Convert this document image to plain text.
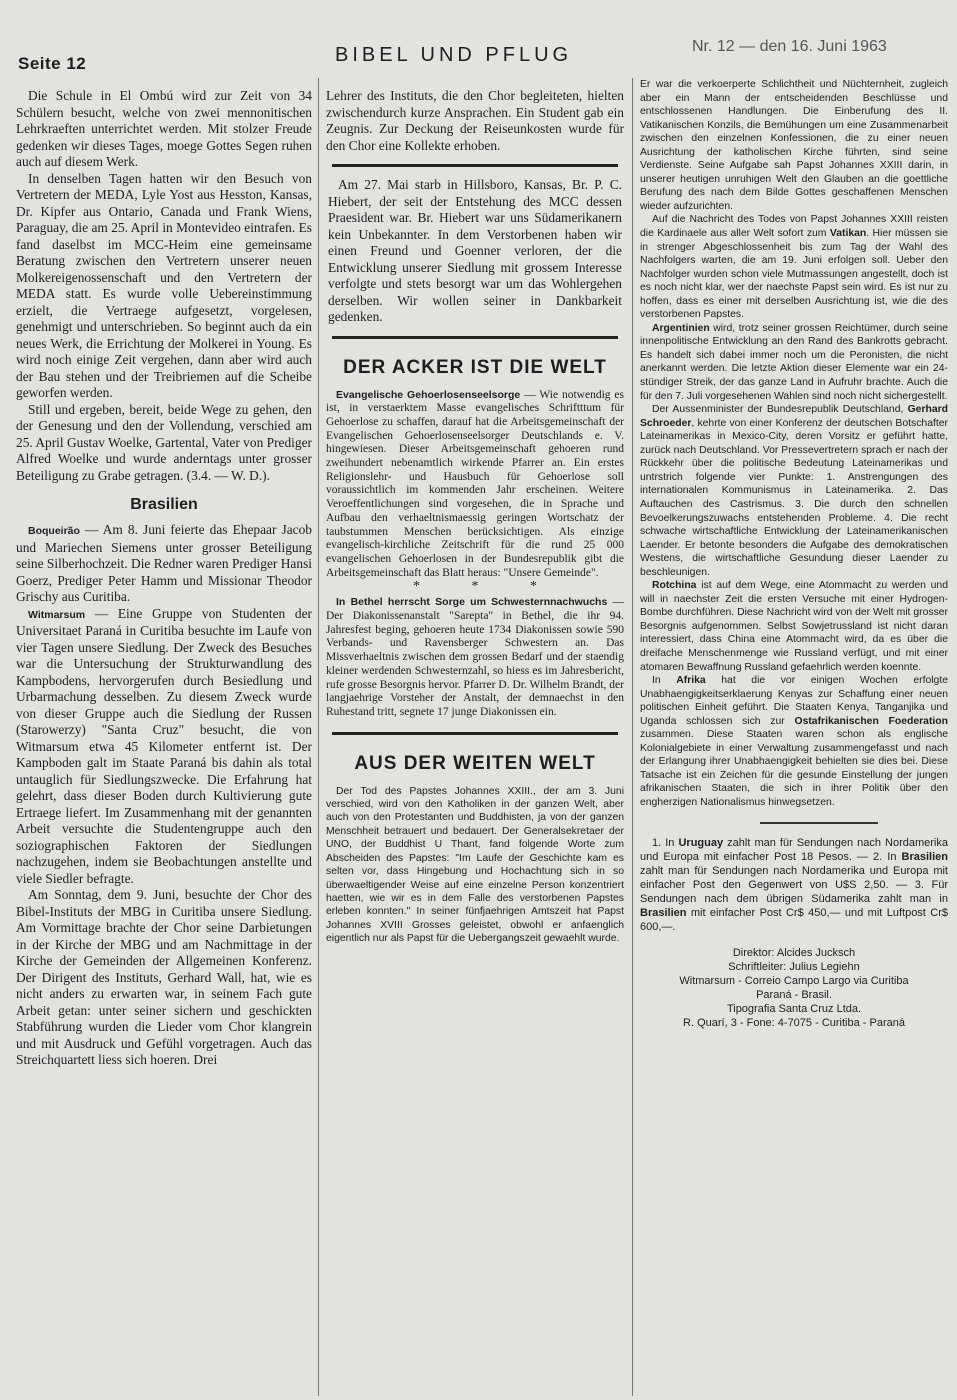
Seite 12	BIBEL UND PFLUG	Nr. 12 — den 16. Juni 1963

Die Schule in El Ombú wird zur Zeit von 34 Schülern besucht, welche von zwei mennonitischen Lehrkraeften unterrichtet werden. Mit stolzer Freude gedenken wir dieses Tages, moege Gottes Segen ruhen auch auf diesem Werk.

In denselben Tagen hatten wir den Besuch von Vertretern der MEDA, Lyle Yost aus Hesston, Kansas, Dr. Kipfer aus Ontario, Canada und Frank Wiens, Paraguay, die am 25. April in Montevideo eintrafen. Es fand daselbst im MCC-Heim eine gemeinsame Beratung zwischen den Vertretern unserer neuen Molkereigenossenschaft und den Vertretern der MEDA statt. Es wurde volle Uebereinstimmung erzielt, die Vertraege aufgesetzt, vorgelesen, genehmigt und unterschrieben. So beginnt auch da ein neues Werk, die Errichtung der Molkerei in Young. Es wird noch einige Zeit vergehen, dann aber wird auch der Bau stehen und der Treibriemen auf die Scheibe geworfen werden.

Still und ergeben, bereit, beide Wege zu gehen, den der Genesung und den der Vollendung, verschied am 25. April Gustav Woelke, Gartental, Vater von Prediger Alfred Woelke und wurde anderntags unter grosser Beteiligung zu Grabe getragen. (3.4. — W. D.).

Brasilien

Boqueirão — Am 8. Juni feierte das Ehepaar Jacob und Mariechen Siemens unter grosser Beteiligung seine Silberhochzeit. Die Redner waren Prediger Hansi Goerz, Prediger Peter Hamm und Missionar Theodor Grischy aus Curitiba.

Witmarsum — Eine Gruppe von Studenten der Universitaet Paraná in Curitiba besuchte im Laufe von vier Tagen unsere Siedlung. Der Zweck des Besuches war die Untersuchung der Strukturwandlung des Kampbodens, hervorgerufen durch Besiedlung und Urbarmachung desselben. Zu diesem Zweck wurde von dieser Gruppe auch die Siedlung der Russen (Starowerzy) "Santa Cruz" besucht, die von Witmarsum etwa 45 Kilometer entfernt ist. Der Kampboden galt im Staate Paraná bis dahin als total untauglich für Siedlungszwecke. Die Erfahrung hat gelehrt, dass dieser Boden durch Kultivierung gute Ertraege liefert. Im Zusammenhang mit der genannten Arbeit versuchte die Studentengruppe auch den soziographischen Faktoren der Siedlungen nachzugehen, indem sie Beobachtungen anstellte und viele Siedler befragte.

Am Sonntag, dem 9. Juni, besuchte der Chor des Bibel-Instituts der MBG in Curitiba unsere Siedlung. Am Vormittage brachte der Chor seine Darbietungen in der Kirche der MBG und am Nachmittage in der Kirche der Gemeinden der Allgemeinen Konferenz. Der Dirigent des Instituts, Gerhard Wall, hat, wie es nicht anders zu erwarten war, in seinem Fach gute Arbeit getan: unter seiner sichern und geschickten Stabführung wurden die Lieder vom Chor klangrein und mit Ausdruck und Gefühl vorgetragen. Auch das Streichquartett liess sich hoeren. Drei

Lehrer des Instituts, die den Chor begleiteten, hielten zwischendurch kurze Ansprachen. Ein Student gab ein Zeugnis. Zur Deckung der Reiseunkosten wurde für den Chor eine Kollekte erhoben.

Am 27. Mai starb in Hillsboro, Kansas, Br. P. C. Hiebert, der seit der Entstehung des MCC dessen Praesident war. Br. Hiebert war uns Südamerikanern kein Unbekannter. In dem Verstorbenen haben wir einen Freund und Goenner verloren, der die Entwicklung unserer Siedlung mit grossem Interesse verfolgte und stets besorgt war um das Wohlergehen derselben. Wir wollen seiner in Dankbarkeit gedenken.

DER ACKER IST DIE WELT

Evangelische Gehoerlosenseelsorge — Wie notwendig es ist, in verstaerktem Masse evangelisches Schriftttum für Gehoerlose zu schaffen, darauf hat die Arbeitsgemeinschaft der Evangelischen Gehoerlosenseelsorger Deutschlands e. V. hingewiesen. Dieser Arbeitsgemeinschaft gehoeren rund zweihundert nebenamtlich wirkende Pfarrer an. Ein erstes Religionslehr- und Hausbuch für Gehoerlose soll voraussichtlich im kommenden Jahr erscheinen. Weitere Veroeffentlichungen sind vorgesehen, die in Sprache und Aufbau den verhaeltnismaessig geringen Wortschatz der taubstummen Menschen berücksichtigen. Als einzige evangelisch-kirchliche Zeitschrift für die rund 25 000 evangelischen Gehoerlosen in der Bundesrepublik gibt die Arbeitsgemeinschaft das Blatt heraus: "Unsere Gemeinde".

* * *

In Bethel herrscht Sorge um Schwesternnachwuchs — Der Diakonissenanstalt "Sarepta" in Bethel, die ihr 94. Jahresfest beging, gehoeren heute 1734 Diakonissen sowie 590 Verbands- und Ravensberger Schwestern an. Das Missverhaeltnis zwischen dem grossen Bedarf und der staendig kleiner werdenden Schwesternzahl, so hiess es im Jahresbericht, rufe grosse Besorgnis hervor. Pfarrer D. Dr. Wilhelm Brandt, der langjaehrige Vorsteher der Anstalt, der demnaechst in den Ruhestand tritt, segnete 17 junge Diakonissen ein.

AUS DER WEITEN WELT

Der Tod des Papstes Johannes XXIII., der am 3. Juni verschied, wird von den Katholiken in der ganzen Welt, aber auch von den Protestanten und Buddhisten, ja von der ganzen Menschheit betrauert und bedauert. Der Generalsekretaer der UNO, der Buddhist U Thant, fand folgende Worte zum Abscheiden des Papstes: "Im Laufe der Geschichte kam es selten vor, dass Hingebung und Hochachtung sich in so überwaeltigender Weise auf eine einzelne Person konzentriert haetten, wie wir es in dem Falle des verstorbenen Papstes erleben konnten." In seiner fünfjaehrigen Amtszeit hat Papst Johannes XVIII Grosses geleistet, obwohl er anfaenglich eigentlich nur als Papst für die Uebergangszeit gewaehlt wurde.

Er war die verkoerperte Schlichtheit und Nüchternheit, zugleich aber ein Mann der entscheidenden Beschlüsse und entschlossenen Handlungen. Die Einberufung des II. Vatikanischen Konzils, die Bemühungen um eine Zusammenarbeit zwischen den einzelnen Konfessionen, die zu einer neuen Ausrichtung der katholischen Kirche führten, sind seine Verdienste. Seine Aufgabe sah Papst Johannes XXIII darin, in unserer heutigen unruhigen Welt den Glauben an die goettliche Berufung des nach dem Bilde Gottes geschaffenen Menschen wieder aufzurichten.

Auf die Nachricht des Todes von Papst Johannes XXIII reisten die Kardinaele aus aller Welt sofort zum Vatikan. Hier müssen sie in strenger Abgeschlossenheit bis zum Tag der Wahl des Nachfolgers warten, die am 19. Juni erfolgen soll. Ueber den Nachfolger wurden schon viele Mutmassungen angestellt, doch ist es noch nicht klar, wer der naechste Papst sein wird. Es ist nur zu hoffen, dass es einer mit derselben Ausrichtung ist, wie die des verstorbenen Papstes.

Argentinien wird, trotz seiner grossen Reichtümer, durch seine innenpolitische Entwicklung an den Rand des Bankrotts gebracht. Es handelt sich dabei immer noch um die Peronisten, die nicht anerkannt werden. Die letzte Aktion dieser Elemente war ein 24-stündiger Streik, der das ganze Land in Aufruhr brachte. Auch die für den 7. Juli vorgesehenen Wahlen sind noch nicht sichergestellt.

Der Aussenminister der Bundesrepublik Deutschland, Gerhard Schroeder, kehrte von einer Konferenz der deutschen Botschafter Lateinamerikas in Mexico-City, deren Vorsitz er geführt hatte, zurück nach Deutschland. Vor Pressevertretern sprach er nach der Rückkehr über die politische Bedeutung Lateinamerikas und untrstrich folgende vier Punkte: 1. Anstrengungen des internationalen Kommunismus in Lateinamerika. 2. Das Auftauchen des Castrismus. 3. Die durch den schnellen Bevoelkerungszuwachs entstehenden Probleme. 4. Die recht schwache wirtschaftliche Entwicklung der Lateinamerikanischen Laender. Er betonte besonders die Aufgabe des demokratischen Westens, die wirtschaftliche Gesundung dieser Laender zu beschleunigen.

Rotchina ist auf dem Wege, eine Atommacht zu werden und will in naechster Zeit die ersten Versuche mit einer Hydrogen-Bombe durchführen. Diese Nachricht wird von der Welt mit grosser Besorgnis aufgenommen. Selbst Sowjetrussland ist nicht daran interessiert, dass China eine Atommacht wird, da es über die dreifache Menschenmenge wie Russland verfügt, und mit einer atomaren Bewaffnung Russland gefaehrlich werden koennte.

In Afrika hat die vor einigen Wochen erfolgte Unabhaengigkeitserklaerung Kenyas zur Schaffung einer neuen politischen Einheit geführt. Die Staaten Kenya, Tanganjika und Uganda schlossen sich zur Ostafrikanischen Foederation zusammen. Diese Staaten waren schon als englische Kolonialgebiete in einer Verwaltung zusammengefasst und nach der Erlangung ihrer Unabhaengigkeit behielten sie dies bei. Diese Tatsache ist ein Zeichen für die gesunde Einstellung der jungen afrikanischen Staaten, die sich in ihrer Politik über den engherzigen Nationalismus hinwegsetzen.

1. In Uruguay zahlt man für Sendungen nach Nordamerika und Europa mit einfacher Post 18 Pesos. — 2. In Brasilien zahlt man für Sendungen nach Nordamerika und Europa mit einfacher Post den Gegenwert von U$S 2,50. — 3. Für Sendungen nach dem übrigen Südamerika zahlt man in Brasilien mit einfacher Post Cr$ 450,— und mit Luftpost Cr$ 600,—.

Direktor: Alcides Jucksch
Schriftleiter: Julius Legiehn
Witmarsum - Correio Campo Largo via Curitiba
Paraná - Brasil.
Tipografia Santa Cruz Ltda.
R. Quarí, 3 - Fone: 4-7075 - Curitiba - Paraná
